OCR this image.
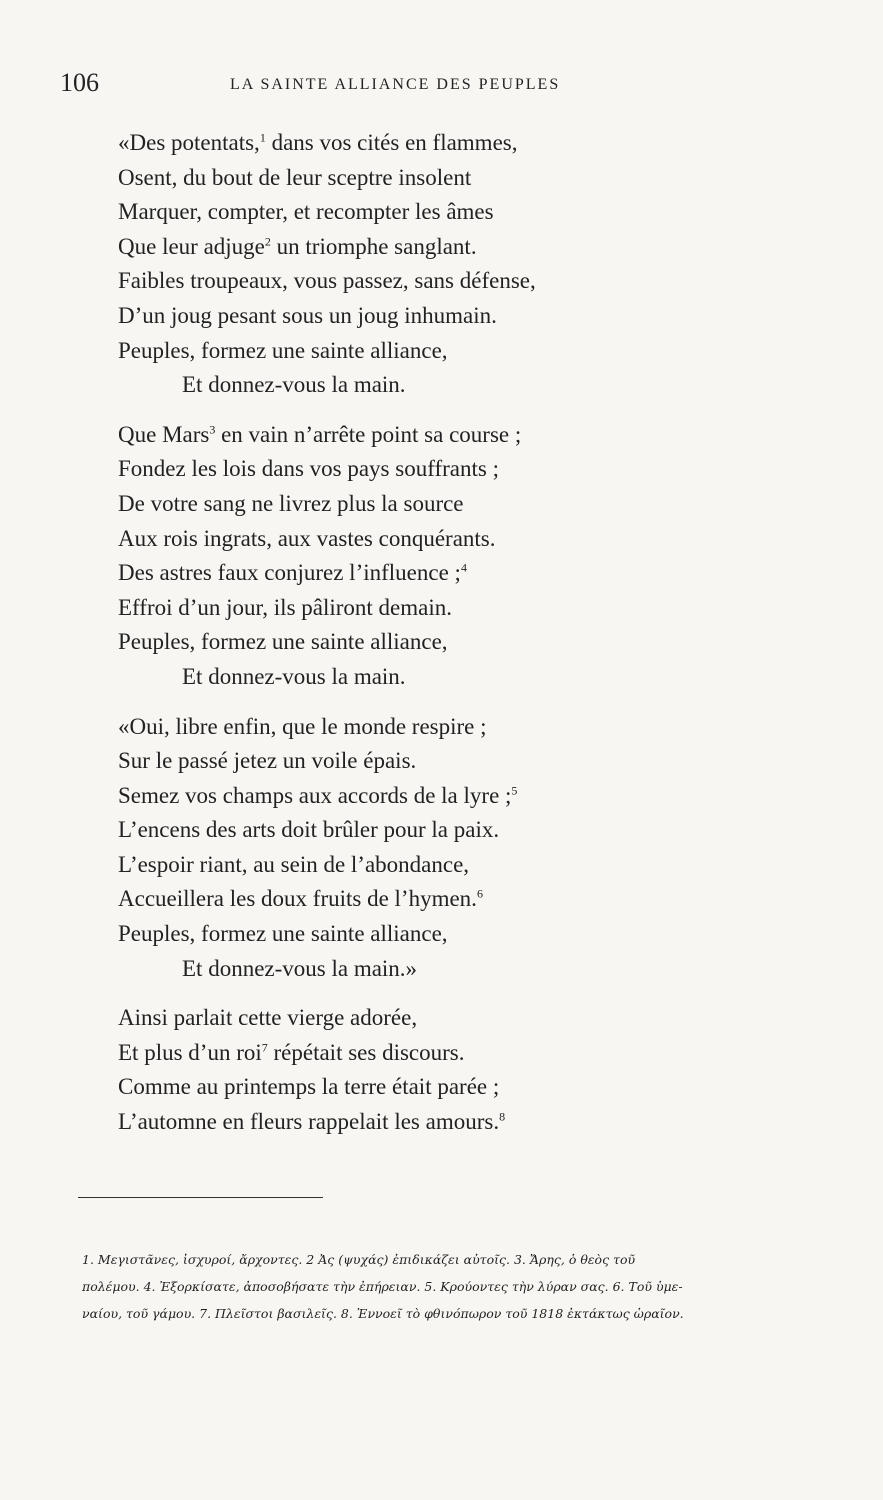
106	LA SAINTE ALLIANCE DES PEUPLES
«Des potentats,$^1$ dans vos cités en flammes,
Osent, du bout de leur sceptre insolent
Marquer, compter, et recompter les âmes
Que leur adjuge$^2$ un triomphe sanglant.
Faibles troupeaux, vous passez, sans défense,
D’un joug pesant sous un joug inhumain.
Peuples, formez une sainte alliance,
Et donnez-vous la main.
Que Mars$^3$ en vain n’arrête point sa course ;
Fondez les lois dans vos pays souffrants ;
De votre sang ne livrez plus la source
Aux rois ingrats, aux vastes conquérants.
Des astres faux conjurez l’influence ;$^4$
Effroi d’un jour, ils pâliront demain.
Peuples, formez une sainte alliance,
Et donnez-vous la main.
«Oui, libre enfin, que le monde respire ;
Sur le passé jetez un voile épais.
Semez vos champs aux accords de la lyre ;$^5$
L’encens des arts doit brûler pour la paix.
L’espoir riant, au sein de l’abondance,
Accueillera les doux fruits de l’hymen.$^6$
Peuples, formez une sainte alliance,
Et donnez-vous la main.»
Ainsi parlait cette vierge adorée,
Et plus d’un roi$^7$ répétait ses discours.
Comme au printemps la terre était parée ;
L’automne en fleurs rappelait les amours.$^8$
1. Μεγιστᾶνες, ἰσχυροί, ἄρχοντες. 2 Ἀς (ψυχάς) ἐπιδικάζει αὐτοῖς. 3. Ἄρης, ὁ θεὸς τοῦ
πολέμου. 4. Ἐξορκίσατε, ἀποσοβήσατε τὴν ἐπήρειαν. 5. Κρούοντες τὴν λύραν σας. 6. Τοῦ ὑμε-
ναίου, τοῦ γάμου. 7. Πλεῖστοι βασιλεῖς. 8. Ἐννοεῖ τὸ φθινόπωρον τοῦ 1818 ἐκτάκτως ὡραῖον.
